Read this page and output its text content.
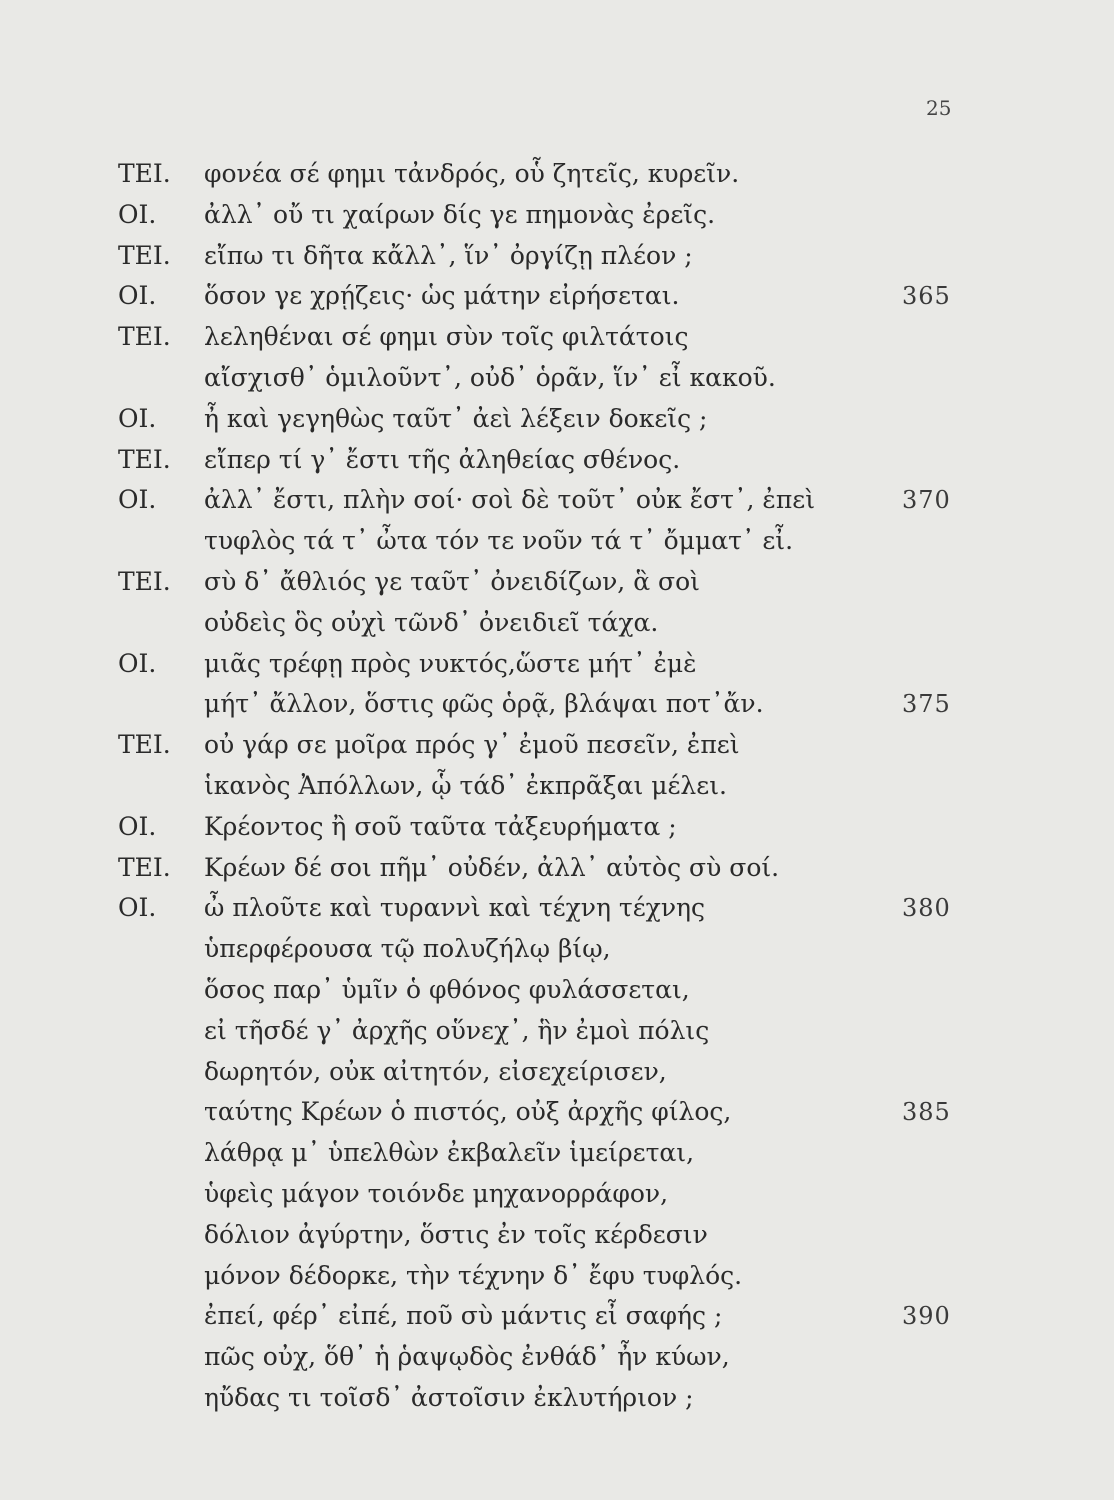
25
TEI. φονέα σέ φημι τἀνδρός, οὗ ζητεῖς, κυρεῖν.
OI. ἀλλ᾽ οὔ τι χαίρων δίς γε πημονὰς ἐρεῖς.
TEI. εἴπω τι δῆτα κἄλλ᾽, ἵν᾽ ὀργίζῃ πλέον ;
OI. ὅσον γε χρῄζεις· ὡς μάτην εἰρήσεται.	365
TEI. λεληθέναι σέ φημι σὺν τοῖς φιλτάτοις
αἴσχισθ᾽ ὁμιλοῦντ᾽, οὐδ᾽ ὁρᾶν, ἵν᾽ εἶ κακοῦ.
OI. ἦ καὶ γεγηθὼς ταῦτ᾽ ἀεὶ λέξειν δοκεῖς ;
TEI. εἴπερ τί γ᾽ ἔστι τῆς ἀληθείας σθένος.
OI. ἀλλ᾽ ἔστι, πλὴν σοί· σοὶ δὲ τοῦτ᾽ οὐκ ἔστ᾽, ἐπεὶ	370
τυφλὸς τά τ᾽ ὦτα τόν τε νοῦν τά τ᾽ ὄμματ᾽ εἶ.
TEI. σὺ δ᾽ ἄθλιός γε ταῦτ᾽ ὀνειδίζων, ἃ σοὶ
οὐδεὶς ὃς οὐχὶ τῶνδ᾽ ὀνειδιεῖ τάχα.
OI. μιᾶς τρέφῃ πρὸς νυκτός,ὥστε μήτ᾽ ἐμὲ
μήτ᾽ ἄλλον, ὅστις φῶς ὁρᾷ, βλάψαι ποτ᾽ἄν.	375
TEI. οὐ γάρ σε μοῖρα πρός γ᾽ ἐμοῦ πεσεῖν, ἐπεὶ
ἱκανὸς Ἀπόλλων, ᾧ τάδ᾽ ἐκπρᾶξαι μέλει.
OI. Κρέοντος ἢ σοῦ ταῦτα τἀξευρήματα ;
TEI. Κρέων δέ σοι πῆμ᾽ οὐδέν, ἀλλ᾽ αὐτὸς σὺ σοί.
OI. ὦ πλοῦτε καὶ τυραννὶ καὶ τέχνη τέχνης	380
ὑπερφέρουσα τῷ πολυζήλῳ βίῳ,
ὅσος παρ᾽ ὑμῖν ὁ φθόνος φυλάσσεται,
εἰ τῆσδέ γ᾽ ἀρχῆς οὕνεχ᾽, ἣν ἐμοὶ πόλις
δωρητόν, οὐκ αἰτητόν, εἰσεχείρισεν,
ταύτης Κρέων ὁ πιστός, οὐξ ἀρχῆς φίλος,	385
λάθρᾳ μ᾽ ὑπελθὼν ἐκβαλεῖν ἱμείρεται,
ὑφεὶς μάγον τοιόνδε μηχανορράφον,
δόλιον ἀγύρτην, ὅστις ἐν τοῖς κέρδεσιν
μόνον δέδορκε, τὴν τέχνην δ᾽ ἔφυ τυφλός.
ἐπεί, φέρ᾽ εἰπέ, ποῦ σὺ μάντις εἶ σαφής ;	390
πῶς οὐχ, ὅθ᾽ ἡ ῥαψῳδὸς ἐνθάδ᾽ ἦν κύων,
ηὔδας τι τοῖσδ᾽ ἀστοῖσιν ἐκλυτήριον ;
